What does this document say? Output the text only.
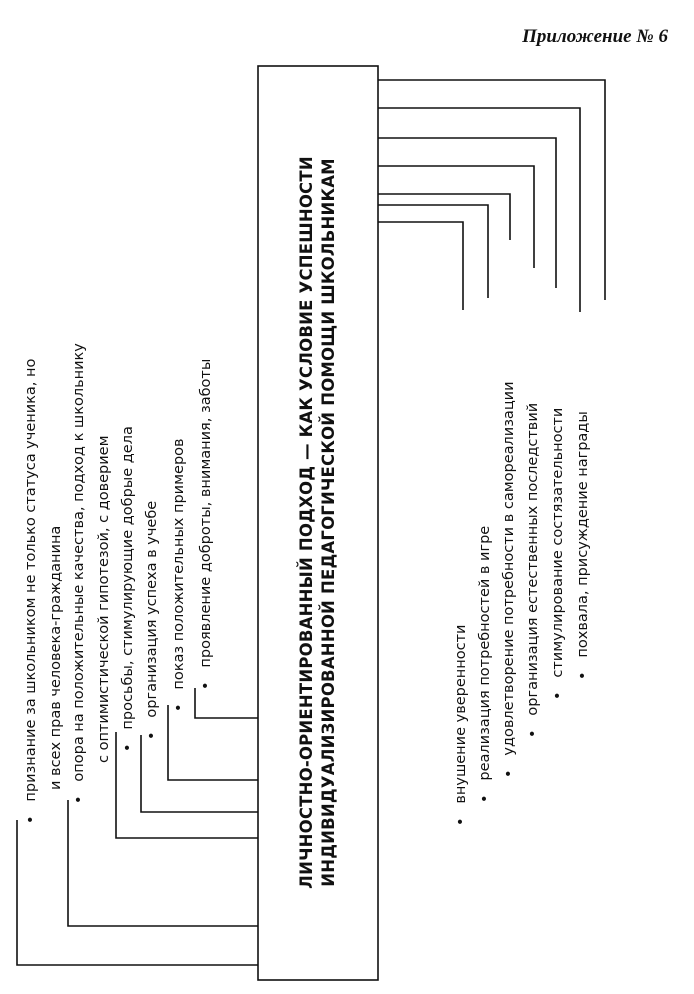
Приложение № 6
ЛИЧНОСТНО-ОРИЕНТИРОВАННЫЙ ПОДХОД — КАК УСЛОВИЕ УСПЕШНОСТИ ИНДИВИДУАЛИЗИРОВАННОЙ ПЕДАГОГИЧЕСКОЙ ПОМОЩИ ШКОЛЬНИКАМ
•   признание за школьником не только статуса ученика, но и всех прав человека-гражданина
•   опора на положительные качества, подход к школьнику с оптимистической гипотезой, с доверием •   просьбы, стимулирующие добрые дела
•   организация успеха в учебе •   показ положительных примеров •   проявление доброты, внимания, заботы
•   внушение уверенности •   реализация потребностей в игре •   удовлетворение потребности в самореализации •   организация естественных последствий •   стимулирование состязательности •   похвала, присуждение награды
